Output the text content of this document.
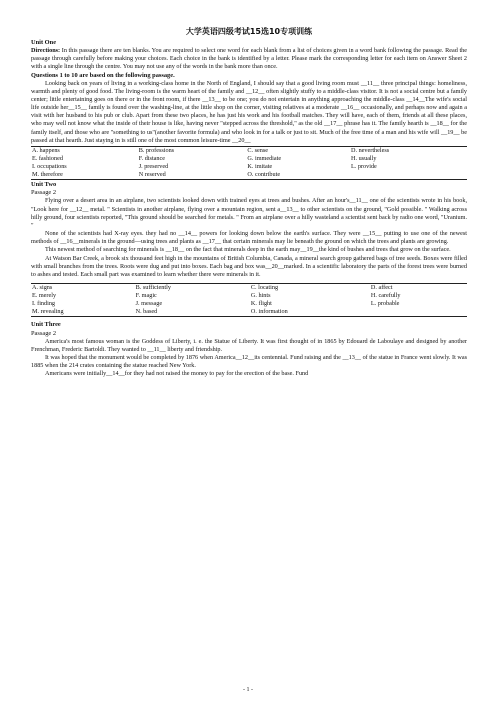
大学英语四级考试15选10专项训练
Unit One

Directions: In this passage there are ten blanks. You are required to select one word for each blank from a list of choices given in a word bank following the passage. Read the passage through carefully before making your choices. Each choice in the bank is identified by a letter. Please mark the corresponding letter for each item on Answer Sheet 2 with a single line through the centre. You may not use any of the words in the bank more than once.

Questions 1 to 10 are based on the following passage.

Looking back on years of living in a working-class home in the North of England, I should say that a good living room must __11__ three principal things: homeliness, warmth and plenty of good food. The living-room is the warm heart of the family and __12__ often slightly stuffy to a middle-class visitor. It is not a social centre but a family center; little entertaining goes on there or in the front room, if there __13__ to be one; you do not entertain in anything approaching the middle-class __14__The wife's social life outside her__15__ family is found over the washing-line, at the little shop on the corner, visiting relatives at a moderate __16__ occasionally, and perhaps now and again a visit with her husband to his pub or club. Apart from these two places, he has just his work and his football matches. They will have, each of them, friends at all these places, who may well not know what the inside of their house is like, having never "stepped across the threshold," as the old __17__ phrase has it. The family hearth is __18__ for the family itself, and those who are "something to us"(another favorite formula) and who look in for a talk or just to sit. Much of the free time of a man and his wife will __19__ be passed at that hearth. Just staying in is still one of the most common leisure-time __20__

A. happens	B. professions	C. sense	D. nevertheless
E. fashioned	F. distance	G. immediate	H. usually
I. occupations	J. preserved	K. imitate	L. provide
M. therefore	N reserved	O. contribute	
Unit Two
Passage 2

Flying over a desert area in an airplane, two scientists looked down with trained eyes at trees and bushes. After an hour's__11__ one of the scientists wrote in his book, "Look here for __12__ metal. " Scientists in another airplane, flying over a mountain region, sent a__13__ to other scientists on the ground, "Gold possible. " Walking across hilly ground, four scientists reported, "This ground should be searched for metals. " From an airplane over a hilly wasteland a scientist sent back by radio one word, "Uranium. "

None of the scientists had X-ray eyes. they had no __14__ powers for looking down below the earth's surface. They were __15__ putting to use one of the newest methods of __16__minerals in the ground—using trees and plants as __17__ that certain minerals may lie beneath the ground on which the trees and plants are growing.

This newest method of searching for minerals is __18__ on the fact that minerals deep in the earth may__19__the kind of bushes and trees that grow on the surface.

At Watson Bar Creek, a brook six thousand feet high in the mountains of British Columbia, Canada, a mineral search group gathered bags of tree seeds. Boxes were filled with small branches from the trees. Roots were dug and put into boxes. Each bag and box was__20__marked. In a scientific laboratory the parts of the forest trees were burned to ashes and tested. Each small part was examined to learn whether there were minerals in it.

A. signs	B. sufficiently	C. locating	D. affect
E. merely	F. magic	G. hints	H. carefully
I. finding	J. message	K. flight	L. probable
M. revealing	N. based	O. information	
Unit Three
Passage 2

America's most famous woman is the Goddess of Liberty, i. e. the Statue of Liberty. It was first thought of in 1865 by Edouard de Laboulaye and designed by another Frenchman, Frederic Bartoldi. They wanted to __11__ liberty and friendship.

It was hoped that the monument would be completed by 1876 when America__12__its centennial. Fund raising and the __13__ of the statue in France went slowly. It was 1885 when the 214 crates containing the statue reached New York.

Americans were initially__14__for they had not raised the money to pay for the erection of the base. Fund

- 1 -
